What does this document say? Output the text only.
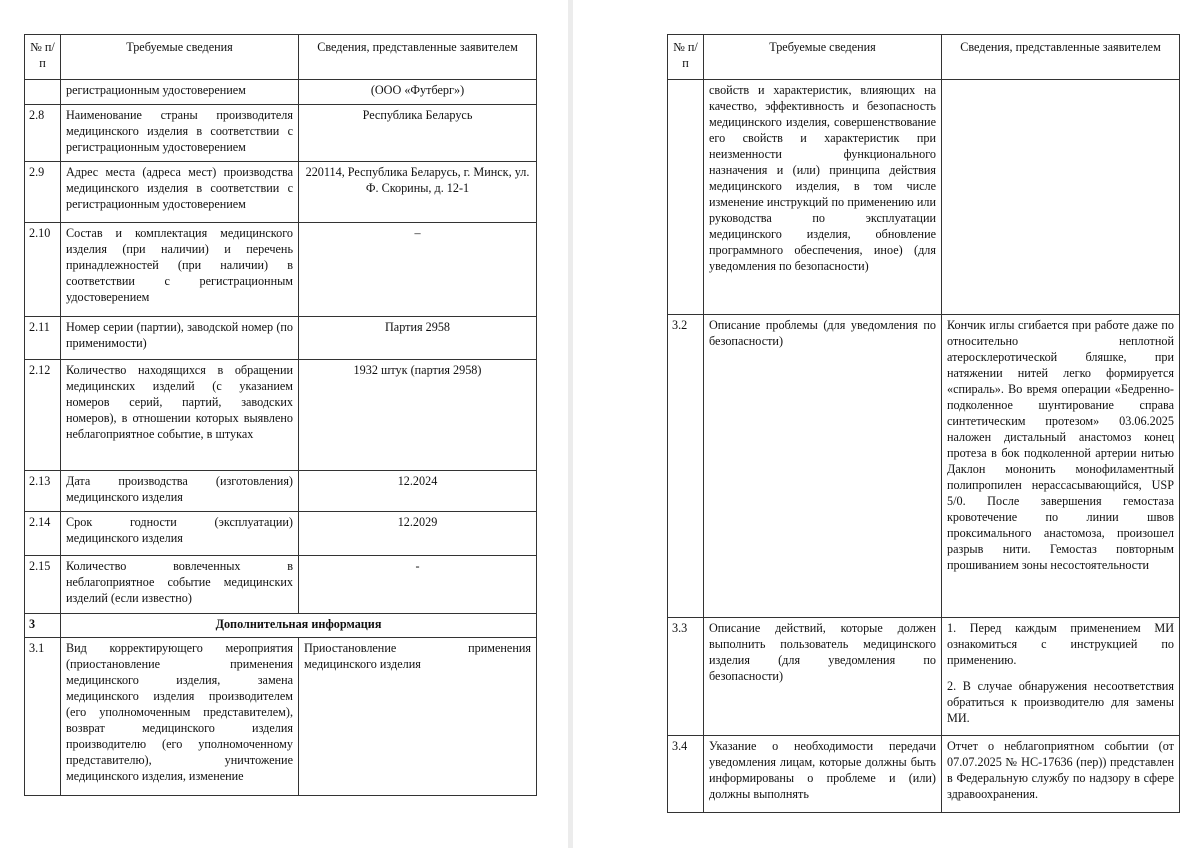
№ п/п	Требуемые сведения	Сведения, представленные заявителем
	регистрационным удостоверением	(ООО «Футберг»)
2.8	Наименование страны производителя медицинского изделия в соответствии с регистрационным удостоверением	Республика Беларусь
2.9	Адрес места (адреса мест) производства медицинского изделия в соответствии с регистрационным удостоверением	220114, Республика Беларусь, г. Минск, ул. Ф. Скорины, д. 12-1
2.10	Состав и комплектация медицинского изделия (при наличии) и перечень принадлежностей (при наличии) в соответствии с регистрационным удостоверением	–
2.11	Номер серии (партии), заводской номер (по применимости)	Партия 2958
2.12	Количество находящихся в обращении медицинских изделий (с указанием номеров серий, партий, заводских номеров), в отношении которых выявлено неблагоприятное событие, в штуках	1932 штук (партия 2958)
2.13	Дата производства (изготовления) медицинского изделия	12.2024
2.14	Срок годности (эксплуатации) медицинского изделия	12.2029
2.15	Количество вовлеченных в неблагоприятное событие медицинских изделий (если известно)	-
3	Дополнительная информация	
3.1	Вид корректирующего мероприятия (приостановление применения медицинского изделия, замена медицинского изделия производителем (его уполномоченным представителем), возврат медицинского изделия производителю (его уполномоченному представителю), уничтожение медицинского изделия, изменение	Приостановление применения медицинского изделия
№ п/п	Требуемые сведения	Сведения, представленные заявителем
	свойств и характеристик, влияющих на качество, эффективность и безопасность медицинского изделия, совершенствование его свойств и характеристик при неизменности функционального назначения и (или) принципа действия медицинского изделия, в том числе изменение инструкций по применению или руководства по эксплуатации медицинского изделия, обновление программного обеспечения, иное) (для уведомления по безопасности)	
3.2	Описание проблемы (для уведомления по безопасности)	Кончик иглы сгибается при работе даже по относительно неплотной атеросклеротической бляшке, при натяжении нитей легко формируется «спираль». Во время операции «Бедренно-подколенное шунтирование справа синтетическим протезом» 03.06.2025 наложен дистальный анастомоз конец протеза в бок подколенной артерии нитью Даклон мононить монофиламентный полипропилен нерассасывающийся, USP 5/0. После завершения гемостаза кровотечение по линии швов проксимального анастомоза, произошел разрыв нити. Гемостаз повторным прошиванием зоны несостоятельности
3.3	Описание действий, которые должен выполнить пользователь медицинского изделия (для уведомления по безопасности)	1. Перед каждым применением МИ ознакомиться с инструкцией по применению.

2. В случае обнаружения несоответствия обратиться к производителю для замены МИ.

3.4	Указание о необходимости передачи уведомления лицам, которые должны быть информированы о проблеме и (или) должны выполнять	Отчет о неблагоприятном событии (от 07.07.2025 № НС-17636 (пер)) представлен в Федеральную службу по надзору в сфере здравоохранения.
